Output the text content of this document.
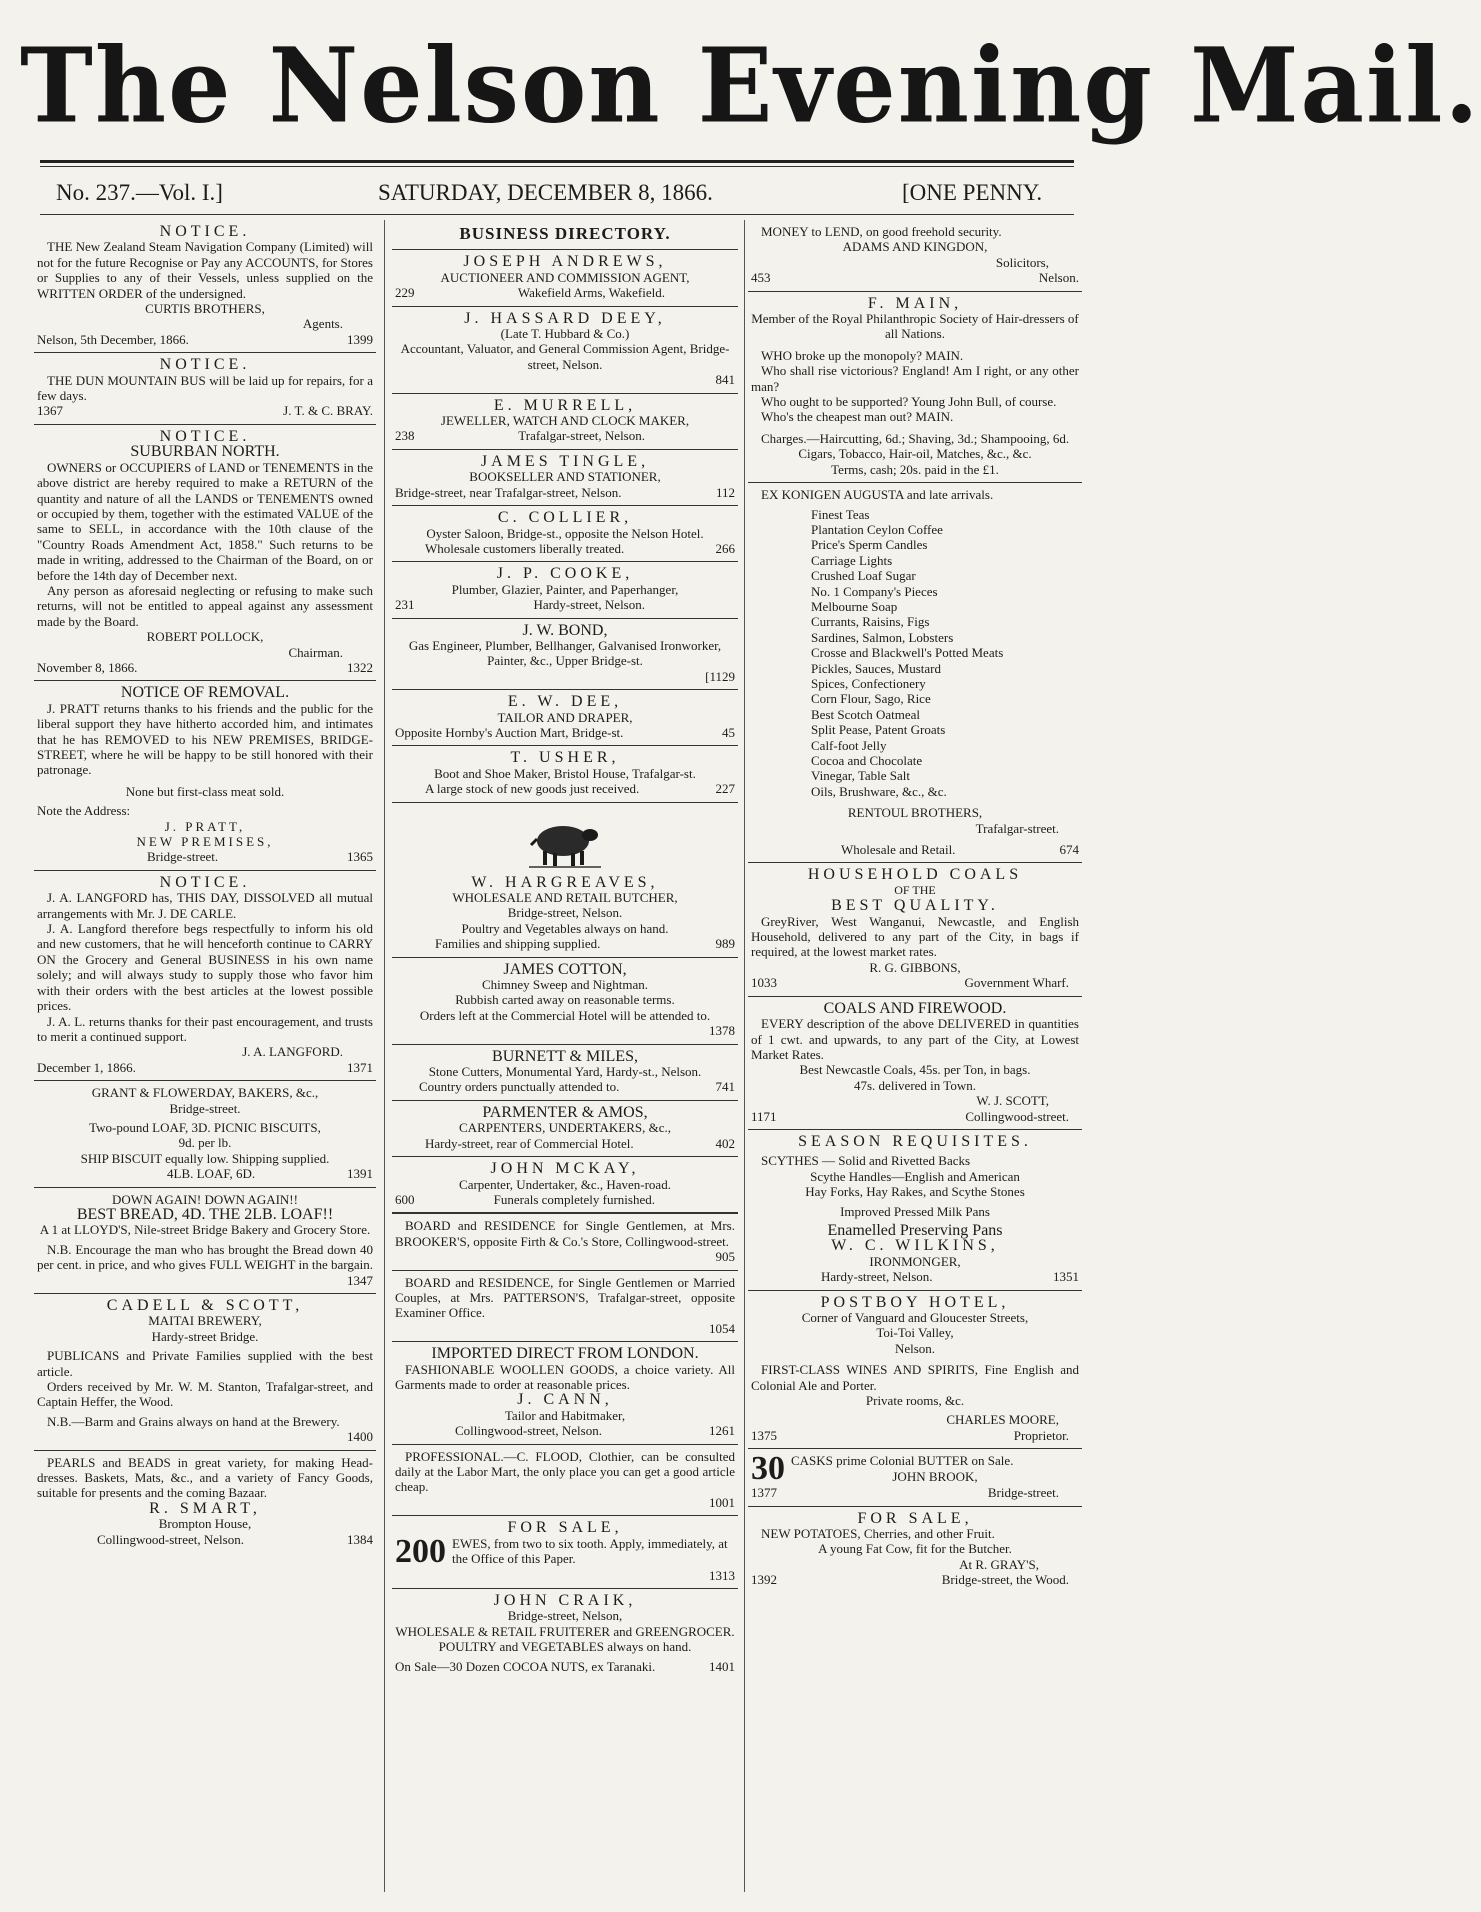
The Nelson Evening Mail.
No. 237.—Vol. I.]	SATURDAY, DECEMBER 8, 1866.	[ONE PENNY.
NOTICE.

THE New Zealand Steam Navigation Company (Limited) will not for the future Recognise or Pay any ACCOUNTS, for Stores or Supplies to any of their Vessels, unless supplied on the WRITTEN ORDER of the undersigned.

CURTIS BROTHERS,
Agents.
Nelson, 5th December, 1866.	1399
NOTICE.

THE DUN MOUNTAIN BUS will be laid up for repairs, for a few days.

1367	J. T. & C. BRAY.
NOTICE.
SUBURBAN NORTH.

OWNERS or OCCUPIERS of LAND or TENEMENTS in the above district are hereby required to make a RETURN of the quantity and nature of all the LANDS or TENEMENTS owned or occupied by them, together with the estimated VALUE of the same to SELL, in accordance with the 10th clause of the "Country Roads Amendment Act, 1858." Such returns to be made in writing, addressed to the Chairman of the Board, on or before the 14th day of December next.

Any person as aforesaid neglecting or refusing to make such returns, will not be entitled to appeal against any assessment made by the Board.

ROBERT POLLOCK,
Chairman.
November 8, 1866.	1322
NOTICE OF REMOVAL.

J. PRATT returns thanks to his friends and the public for the liberal support they have hitherto accorded him, and intimates that he has REMOVED to his NEW PREMISES, BRIDGE-STREET, where he will be happy to be still honored with their patronage.

None but first-class meat sold.
Note the Address:
J. PRATT,
NEW PREMISES,
Bridge-street.	1365
NOTICE.

J. A. LANGFORD has, THIS DAY, DISSOLVED all mutual arrangements with Mr. J. DE CARLE.

J. A. Langford therefore begs respectfully to inform his old and new customers, that he will henceforth continue to CARRY ON the Grocery and General BUSINESS in his own name solely; and will always study to supply those who favor him with their orders with the best articles at the lowest possible prices.

J. A. L. returns thanks for their past encouragement, and trusts to merit a continued support.

J. A. LANGFORD.
December 1, 1866.	1371
GRANT & FLOWERDAY, BAKERS, &c.,
Bridge-street.
Two-pound LOAF, 3D. PICNIC BISCUITS,
9d. per lb.
SHIP BISCUIT equally low. Shipping supplied.
4LB. LOAF, 6D.	1391
DOWN AGAIN! DOWN AGAIN!!
BEST BREAD, 4D. THE 2LB. LOAF!!
A 1 at LLOYD'S, Nile-street Bridge Bakery and Grocery Store.

N.B. Encourage the man who has brought the Bread down 40 per cent. in price, and who gives FULL WEIGHT in the bargain.

1347
CADELL & SCOTT,
MAITAI BREWERY,
Hardy-street Bridge.

PUBLICANS and Private Families supplied with the best article.

Orders received by Mr. W. M. Stanton, Trafalgar-street, and Captain Heffer, the Wood.

N.B.—Barm and Grains always on hand at the Brewery.

1400

PEARLS and BEADS in great variety, for making Head-dresses. Baskets, Mats, &c., and a variety of Fancy Goods, suitable for presents and the coming Bazaar.

R. SMART,
Brompton House,
Collingwood-street, Nelson.	1384
BUSINESS DIRECTORY.
JOSEPH ANDREWS,
AUCTIONEER AND COMMISSION AGENT,
229	Wakefield Arms, Wakefield.
J. HASSARD DEEY,
(Late T. Hubbard & Co.)
Accountant, Valuator, and General Commission Agent, Bridge-street, Nelson.
841
E. MURRELL,
JEWELLER, WATCH AND CLOCK MAKER,
238	Trafalgar-street, Nelson.
JAMES TINGLE,
BOOKSELLER AND STATIONER,
Bridge-street, near Trafalgar-street, Nelson.	112
C. COLLIER,
Oyster Saloon, Bridge-st., opposite the Nelson Hotel.
Wholesale customers liberally treated.	266
J. P. COOKE,
Plumber, Glazier, Painter, and Paperhanger,
231	Hardy-street, Nelson.
J. W. BOND,
Gas Engineer, Plumber, Bellhanger, Galvanised Ironworker, Painter, &c., Upper Bridge-st.
[1129
E. W. DEE,
TAILOR AND DRAPER,
Opposite Hornby's Auction Mart, Bridge-st.	45
T. USHER,
Boot and Shoe Maker, Bristol House, Trafalgar-st.
A large stock of new goods just received.	227
W. HARGREAVES,
WHOLESALE AND RETAIL BUTCHER,
Bridge-street, Nelson.
Poultry and Vegetables always on hand.
Families and shipping supplied.	989
JAMES COTTON,
Chimney Sweep and Nightman.
Rubbish carted away on reasonable terms.
Orders left at the Commercial Hotel will be attended to.
1378
BURNETT & MILES,
Stone Cutters, Monumental Yard, Hardy-st., Nelson.
Country orders punctually attended to.	741
PARMENTER & AMOS,
CARPENTERS, UNDERTAKERS, &c.,
Hardy-street, rear of Commercial Hotel.	402
JOHN MCKAY,
Carpenter, Undertaker, &c., Haven-road.
600	Funerals completely furnished.

BOARD and RESIDENCE for Single Gentlemen, at Mrs. BROOKER'S, opposite Firth & Co.'s Store, Collingwood-street.

905

BOARD and RESIDENCE, for Single Gentlemen or Married Couples, at Mrs. PATTERSON'S, Trafalgar-street, opposite Examiner Office.

1054
IMPORTED DIRECT FROM LONDON.

FASHIONABLE WOOLLEN GOODS, a choice variety. All Garments made to order at reasonable prices.

J. CANN,
Tailor and Habitmaker,
Collingwood-street, Nelson.	1261

PROFESSIONAL.—C. FLOOD, Clothier, can be consulted daily at the Labor Mart, the only place you can get a good article cheap.

1001
FOR SALE,
200 EWES, from two to six tooth. Apply, immediately, at the Office of this Paper.
1313
JOHN CRAIK,
Bridge-street, Nelson,
WHOLESALE & RETAIL FRUITERER and GREENGROCER.
POULTRY and VEGETABLES always on hand.
On Sale—30 Dozen COCOA NUTS, ex Taranaki.	1401

MONEY to LEND, on good freehold security.

ADAMS AND KINGDON,
Solicitors,
453	Nelson.
F. MAIN,
Member of the Royal Philanthropic Society of Hair-dressers of all Nations.

WHO broke up the monopoly? MAIN.

Who shall rise victorious? England! Am I right, or any other man?

Who ought to be supported? Young John Bull, of course.

Who's the cheapest man out? MAIN.

Charges.—Haircutting, 6d.; Shaving, 3d.; Shampooing, 6d.

Cigars, Tobacco, Hair-oil, Matches, &c., &c.
Terms, cash; 20s. paid in the £1.

EX KONIGEN AUGUSTA and late arrivals.

Finest Teas
Plantation Ceylon Coffee
Price's Sperm Candles
Carriage Lights
Crushed Loaf Sugar
No. 1 Company's Pieces
Melbourne Soap
Currants, Raisins, Figs
Sardines, Salmon, Lobsters
Crosse and Blackwell's Potted Meats
Pickles, Sauces, Mustard
Spices, Confectionery
Corn Flour, Sago, Rice
Best Scotch Oatmeal
Split Pease, Patent Groats
Calf-foot Jelly
Cocoa and Chocolate
Vinegar, Table Salt
Oils, Brushware, &c., &c.
RENTOUL BROTHERS,
Trafalgar-street.
Wholesale and Retail.	674
HOUSEHOLD COALS
OF THE
BEST QUALITY.

GreyRiver, West Wanganui, Newcastle, and English Household, delivered to any part of the City, in bags if required, at the lowest market rates.

R. G. GIBBONS,
1033	Government Wharf.
COALS AND FIREWOOD.

EVERY description of the above DELIVERED in quantities of 1 cwt. and upwards, to any part of the City, at Lowest Market Rates.

Best Newcastle Coals, 45s. per Ton, in bags.
47s. delivered in Town.
W. J. SCOTT,
1171	Collingwood-street.
SEASON REQUISITES.

SCYTHES — Solid and Rivetted Backs

Scythe Handles—English and American
Hay Forks, Hay Rakes, and Scythe Stones
Improved Pressed Milk Pans
Enamelled Preserving Pans
W. C. WILKINS,
IRONMONGER,
Hardy-street, Nelson.	1351
POSTBOY HOTEL,
Corner of Vanguard and Gloucester Streets,
Toi-Toi Valley,
Nelson.

FIRST-CLASS WINES AND SPIRITS, Fine English and Colonial Ale and Porter.

Private rooms, &c.
CHARLES MOORE,
1375	Proprietor.
30 CASKS prime Colonial BUTTER on Sale.
JOHN BROOK,
1377	Bridge-street.
FOR SALE,

NEW POTATOES, Cherries, and other Fruit.

A young Fat Cow, fit for the Butcher.
At R. GRAY'S,
1392	Bridge-street, the Wood.
